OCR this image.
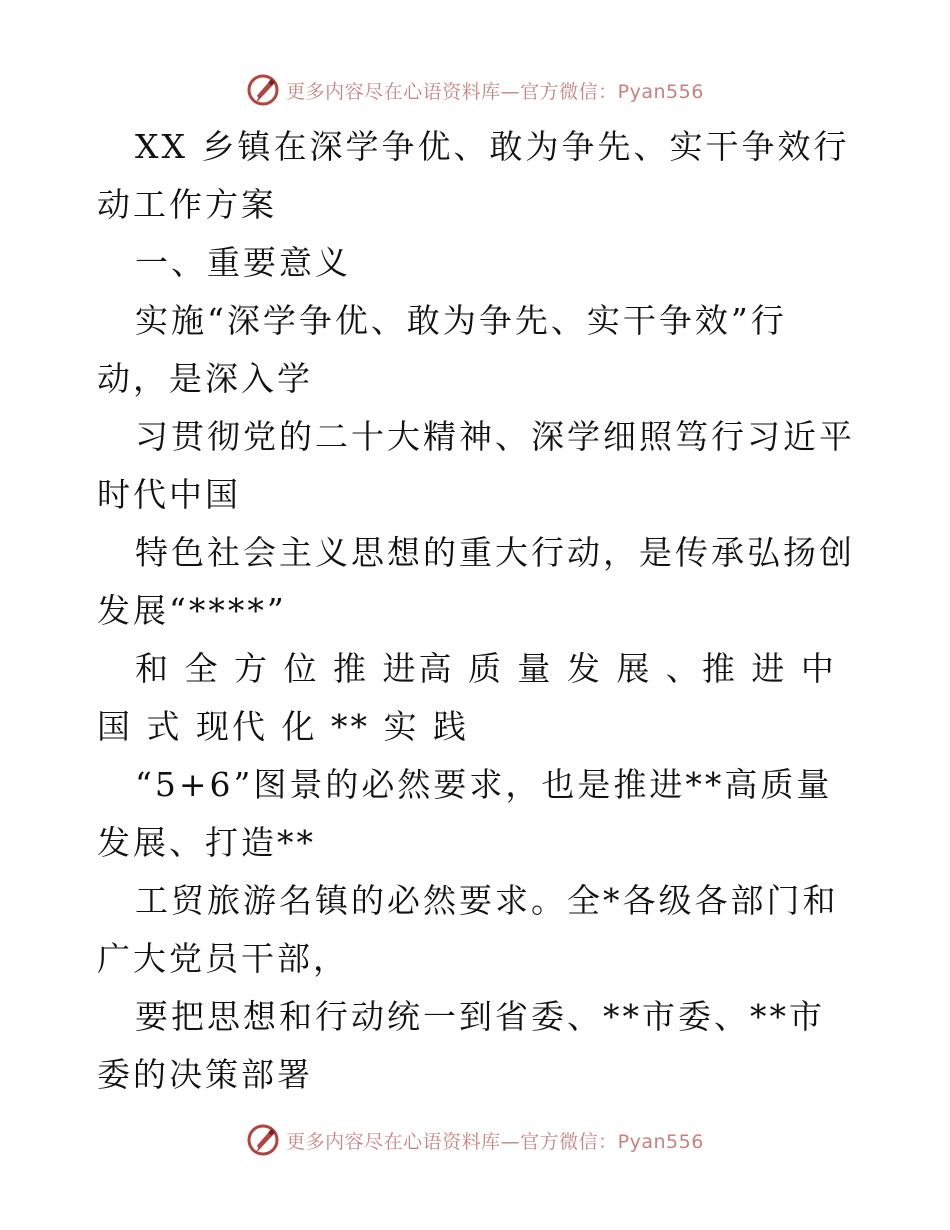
更多内容尽在心语资料库—官方微信：Pyan556

XX 乡镇在深学争优、敢为争先、实干争效行动工作方案

一、重要意义

实施“深学争优、敢为争先、实干争效”行动，是深入学

习贯彻党的二十大精神、深学细照笃行习近平时代中国

特色社会主义思想的重大行动，是传承弘扬创发展“****”

和 全 方 位 推 进高 质 量 发 展 、推 进 中 国 式 现代 化 ** 实 践

“5+6”图景的必然要求，也是推进**高质量发展、打造**

工贸旅游名镇的必然要求。全*各级各部门和广大党员干部，

要把思想和行动统一到省委、**市委、**市委的决策部署

更多内容尽在心语资料库—官方微信：Pyan556
